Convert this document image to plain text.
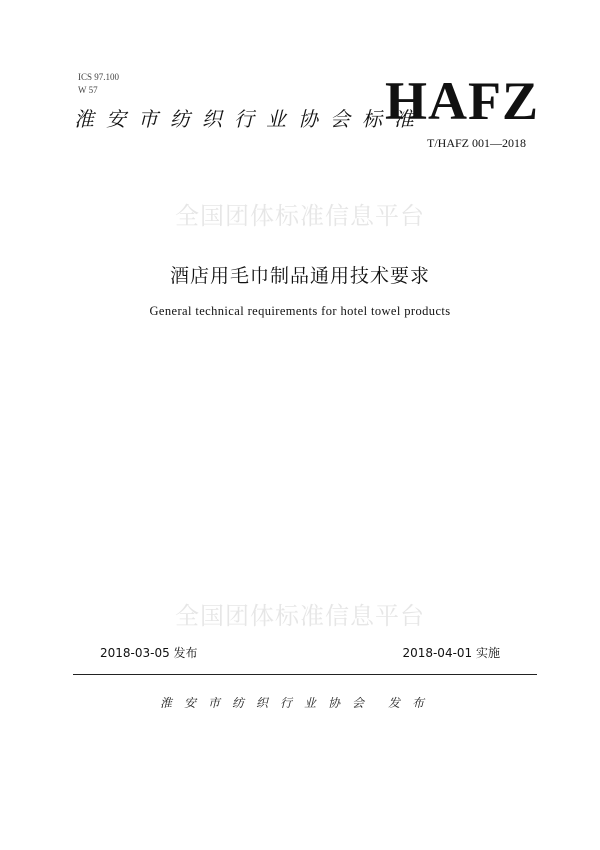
ICS 97.100
W 57	HAFZ
淮安市纺织行业协会标准
T/HAFZ 001—2018
全国团体标准信息平台
酒店用毛巾制品通用技术要求
General technical requirements for hotel towel products
全国团体标准信息平台
2018-03-05 发布	2018-04-01 实施
淮安市纺织行业协会 发布
